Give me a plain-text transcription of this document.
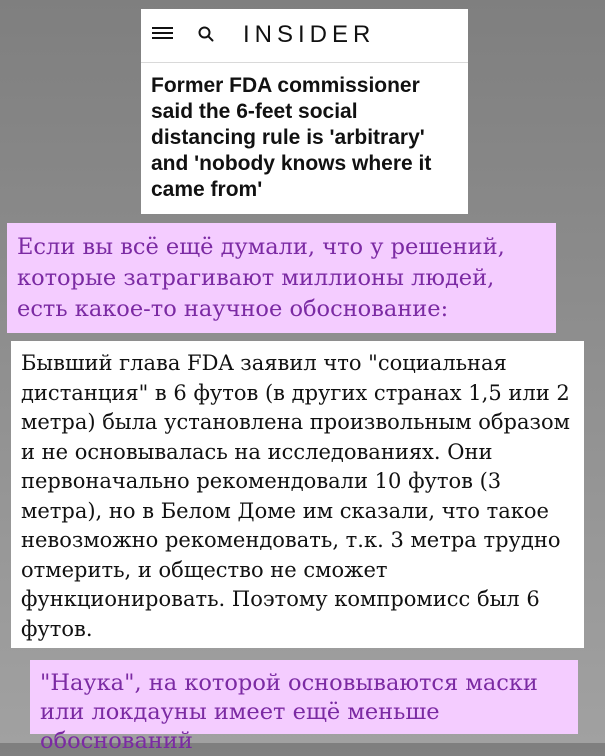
INSIDER
Former FDA commissioner said the 6-feet social distancing rule is 'arbitrary' and 'nobody knows where it came from'

Если вы всё ещё думали, что у решений, которые затрагивают миллионы людей, есть какое-то научное обоснование:

Бывший глава FDA заявил что "социальная дистанция" в 6 футов (в других странах 1,5 или 2 метра) была установлена произвольным образом и не основывалась на исследованиях. Они первоначально рекомендовали 10 футов (3 метра), но в Белом Доме им сказали, что такое невозможно рекомендовать, т.к. 3 метра трудно отмерить, и общество не сможет функционировать. Поэтому компромисс был 6 футов.

"Наука", на которой основываются маски или локдауны имеет ещё меньше обоснований
